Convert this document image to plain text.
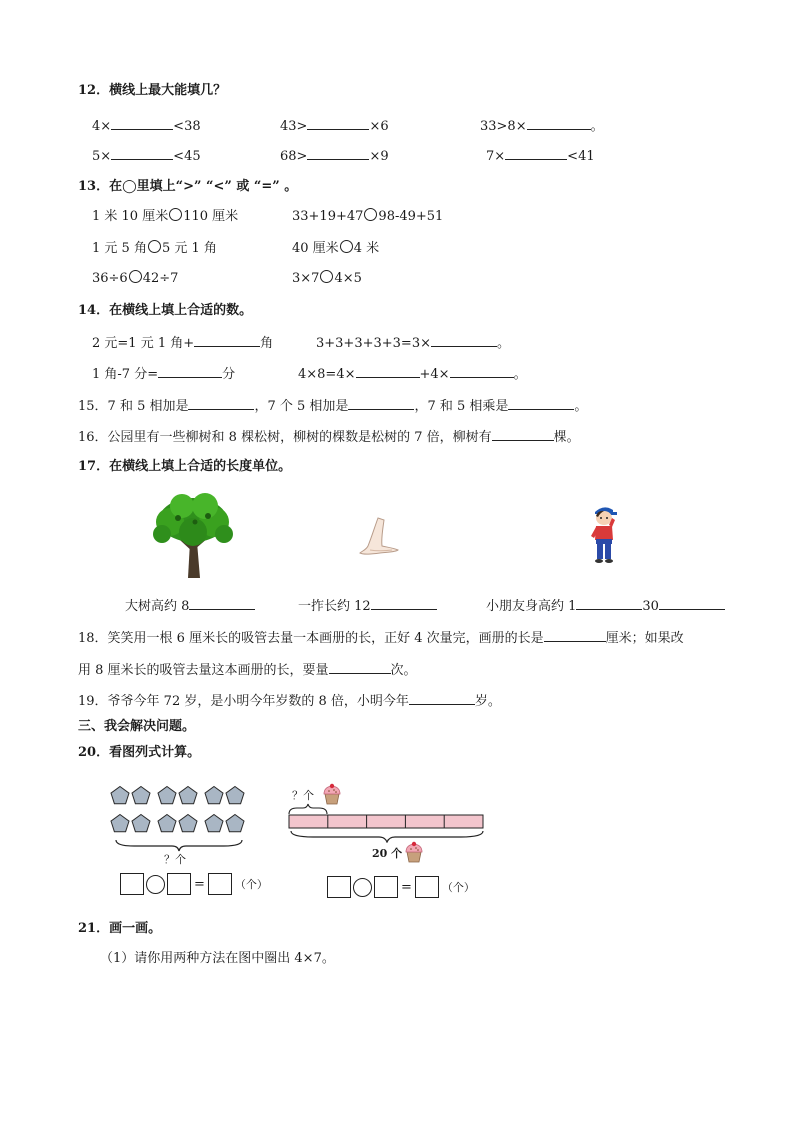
12．横线上最大能填几？
4×	<38	43>	×6	33>8×	。
5×	<45	68>	×9	7×	<41
13．在◯里填上“>” “<” 或 “=” 。
1 米 10 厘米 110 厘米	33+19+47 98-49+51
1 元 5 角 5 元 1 角	40 厘米 4 米
36÷6 42÷7	3×7 4×5
14．在横线上填上合适的数。
2 元=1 元 1 角+	角	3+3+3+3+3=3×	。
1 角-7 分=	分	4×8=4×	+4×	。
15．7 和 5 相加是	，7 个 5 相加是	，7 和 5 相乘是	。
16．公园里有一些柳树和 8 棵松树，柳树的棵数是松树的 7 倍，柳树有	棵。
17．在横线上填上合适的长度单位。
大树高约 8	一拃长约 12	小朋友身高约 1	30
18．笑笑用一根 6 厘米长的吸管去量一本画册的长，正好 4 次量完，画册的长是	厘米；如果改
用 8 厘米长的吸管去量这本画册的长，要量	次。
19．爷爷今年 72 岁，是小明今年岁数的 8 倍，小明今年	岁。
三、我会解决问题。
20．看图列式计算。
？个
=	（个）
？个
20 个
=	（个）
21．画一画。
（1）请你用两种方法在图中圈出 4×7。
